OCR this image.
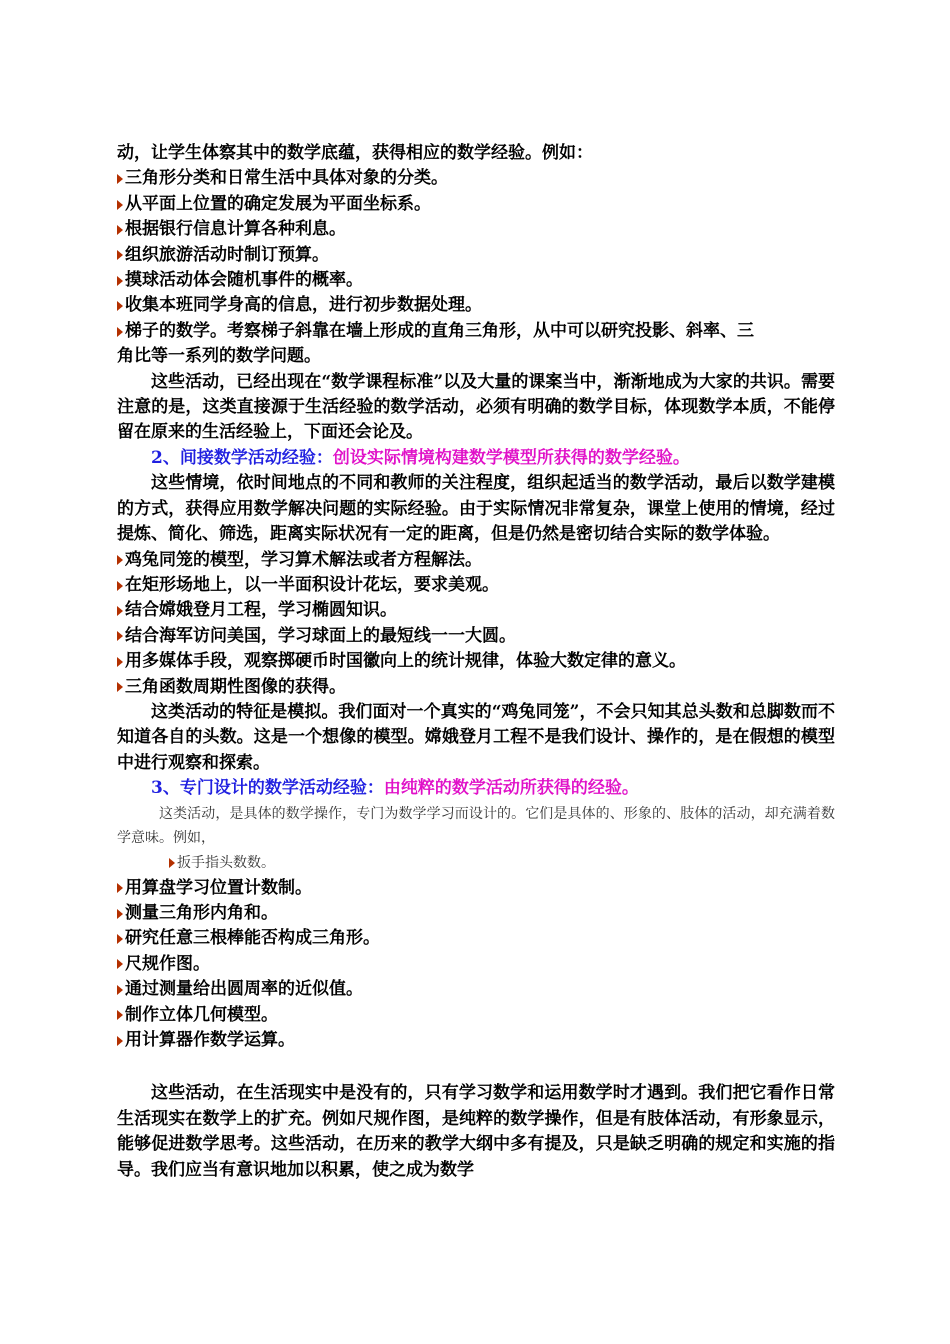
动，让学生体察其中的数学底蕴，获得相应的数学经验。例如：

三角形分类和日常生活中具体对象的分类。
从平面上位置的确定发展为平面坐标系。
根据银行信息计算各种利息。
组织旅游活动时制订预算。
摸球活动体会随机事件的概率。
收集本班同学身高的信息，进行初步数据处理。
梯子的数学。考察梯子斜靠在墙上形成的直角三角形，从中可以研究投影、斜率、三
角比等一系列的数学问题。

这些活动，已经出现在“数学课程标准”以及大量的课案当中，渐渐地成为大家的共识。需要注意的是，这类直接源于生活经验的数学活动，必须有明确的数学目标，体现数学本质，不能停留在原来的生活经验上，下面还会论及。

2、间接数学活动经验：创设实际情境构建数学模型所获得的数学经验。

这些情境，依时间地点的不同和教师的关注程度，组织起适当的数学活动，最后以数学建模的方式，获得应用数学解决问题的实际经验。由于实际情况非常复杂，课堂上使用的情境，经过提炼、简化、筛选，距离实际状况有一定的距离，但是仍然是密切结合实际的数学体验。

鸡兔同笼的模型，学习算术解法或者方程解法。
在矩形场地上，以一半面积设计花坛，要求美观。
结合嫦娥登月工程，学习椭圆知识。
结合海军访问美国，学习球面上的最短线一一大圆。
用多媒体手段，观察掷硬币时国徽向上的统计规律，体验大数定律的意义。
三角函数周期性图像的获得。

这类活动的特征是模拟。我们面对一个真实的“鸡兔同笼”，不会只知其总头数和总脚数而不知道各自的头数。这是一个想像的模型。嫦娥登月工程不是我们设计、操作的，是在假想的模型中进行观察和探索。

3、专门设计的数学活动经验：由纯粹的数学活动所获得的经验。

这类活动，是具体的数学操作，专门为数学学习而设计的。它们是具体的、形象的、肢体的活动，却充满着数学意味。例如，

扳手指头数数。
用算盘学习位置计数制。
测量三角形内角和。
研究任意三根棒能否构成三角形。
尺规作图。
通过测量给出圆周率的近似值。
制作立体几何模型。
用计算器作数学运算。

这些活动，在生活现实中是没有的，只有学习数学和运用数学时才遇到。我们把它看作日常生活现实在数学上的扩充。例如尺规作图，是纯粹的数学操作，但是有肢体活动，有形象显示，能够促进数学思考。这些活动，在历来的教学大纲中多有提及，只是缺乏明确的规定和实施的指导。我们应当有意识地加以积累，使之成为数学
